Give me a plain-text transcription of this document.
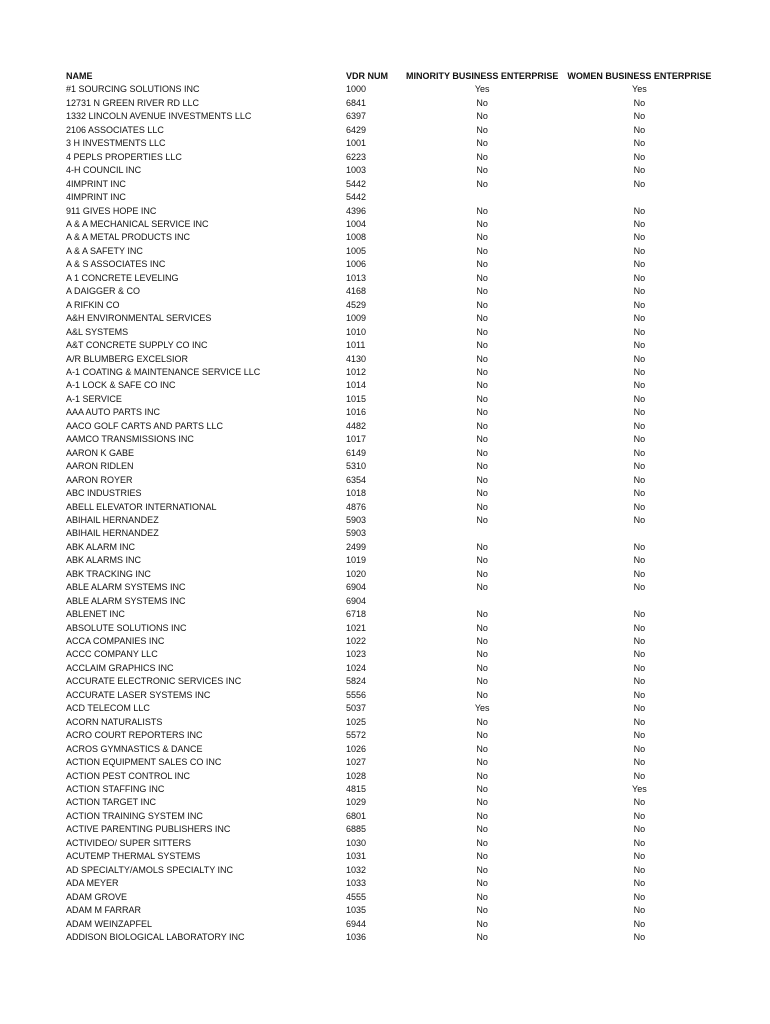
NAME	VDR NUM	MINORITY BUSINESS ENTERPRISE	WOMEN BUSINESS ENTERPRISE
#1 SOURCING SOLUTIONS INC	1000	Yes	Yes
12731 N GREEN RIVER RD LLC	6841	No	No
1332 LINCOLN AVENUE INVESTMENTS LLC	6397	No	No
2106 ASSOCIATES LLC	6429	No	No
3 H INVESTMENTS LLC	1001	No	No
4 PEPLS PROPERTIES LLC	6223	No	No
4-H COUNCIL INC	1003	No	No
4IMPRINT INC	5442	No	No
4IMPRINT INC	5442		
911 GIVES HOPE INC	4396	No	No
A & A MECHANICAL SERVICE INC	1004	No	No
A & A METAL PRODUCTS INC	1008	No	No
A & A SAFETY INC	1005	No	No
A & S ASSOCIATES INC	1006	No	No
A 1 CONCRETE LEVELING	1013	No	No
A DAIGGER & CO	4168	No	No
A RIFKIN CO	4529	No	No
A&H ENVIRONMENTAL SERVICES	1009	No	No
A&L SYSTEMS	1010	No	No
A&T CONCRETE SUPPLY CO INC	1011	No	No
A/R BLUMBERG EXCELSIOR	4130	No	No
A-1 COATING & MAINTENANCE SERVICE LLC	1012	No	No
A-1 LOCK & SAFE CO INC	1014	No	No
A-1 SERVICE	1015	No	No
AAA AUTO PARTS INC	1016	No	No
AACO GOLF CARTS AND PARTS LLC	4482	No	No
AAMCO TRANSMISSIONS INC	1017	No	No
AARON K GABE	6149	No	No
AARON RIDLEN	5310	No	No
AARON ROYER	6354	No	No
ABC INDUSTRIES	1018	No	No
ABELL ELEVATOR INTERNATIONAL	4876	No	No
ABIHAIL HERNANDEZ	5903	No	No
ABIHAIL HERNANDEZ	5903		
ABK ALARM INC	2499	No	No
ABK ALARMS INC	1019	No	No
ABK TRACKING INC	1020	No	No
ABLE ALARM SYSTEMS INC	6904	No	No
ABLE ALARM SYSTEMS INC	6904		
ABLENET INC	6718	No	No
ABSOLUTE SOLUTIONS INC	1021	No	No
ACCA COMPANIES INC	1022	No	No
ACCC COMPANY LLC	1023	No	No
ACCLAIM GRAPHICS INC	1024	No	No
ACCURATE ELECTRONIC SERVICES INC	5824	No	No
ACCURATE LASER SYSTEMS INC	5556	No	No
ACD TELECOM LLC	5037	Yes	No
ACORN NATURALISTS	1025	No	No
ACRO COURT REPORTERS INC	5572	No	No
ACROS GYMNASTICS & DANCE	1026	No	No
ACTION EQUIPMENT SALES CO INC	1027	No	No
ACTION PEST CONTROL INC	1028	No	No
ACTION STAFFING INC	4815	No	Yes
ACTION TARGET INC	1029	No	No
ACTION TRAINING SYSTEM INC	6801	No	No
ACTIVE PARENTING PUBLISHERS INC	6885	No	No
ACTIVIDEO/ SUPER SITTERS	1030	No	No
ACUTEMP THERMAL SYSTEMS	1031	No	No
AD SPECIALTY/AMOLS SPECIALTY INC	1032	No	No
ADA MEYER	1033	No	No
ADAM GROVE	4555	No	No
ADAM M FARRAR	1035	No	No
ADAM WEINZAPFEL	6944	No	No
ADDISON BIOLOGICAL LABORATORY INC	1036	No	No
